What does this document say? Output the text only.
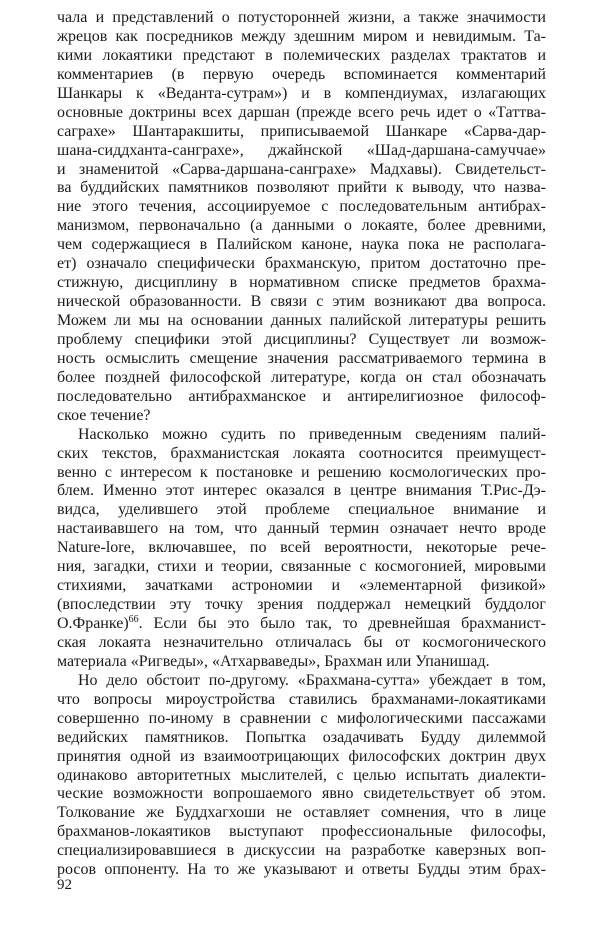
чала и представлений о потусторонней жизни, а также значимости
жрецов как посредников между здешним миром и невидимым. Та-
кими локаятики предстают в полемических разделах трактатов и
комментариев (в первую очередь вспоминается комментарий
Шанкары к «Веданта-сутрам») и в компендиумах, излагающих
основные доктрины всех даршан (прежде всего речь идет о «Таттва-
саграхе» Шантаракшиты, приписываемой Шанкаре «Сарва-дар-
шана-сиддханта-санграхе», джайнской «Шад-даршана-самуччае»
и знаменитой «Сарва-даршана-санграхе» Мадхавы). Свидетельст-
ва буддийских памятников позволяют прийти к выводу, что назва-
ние этого течения, ассоциируемое с последовательным антибрах-
манизмом, первоначально (а данными о локаяте, более древними,
чем содержащиеся в Палийском каноне, наука пока не располага-
ет) означало специфически брахманскую, притом достаточно пре-
стижную, дисциплину в нормативном списке предметов брахма-
нической образованности. В связи с этим возникают два вопроса.
Можем ли мы на основании данных палийской литературы решить
проблему специфики этой дисциплины? Существует ли возмож-
ность осмыслить смещение значения рассматриваемого термина в
более поздней философской литературе, когда он стал обозначать
последовательно антибрахманское и антирелигиозное философ-
ское течение?
Насколько можно судить по приведенным сведениям палий-
ских текстов, брахманистская локаята соотносится преимущест-
венно с интересом к постановке и решению космологических про-
блем. Именно этот интерес оказался в центре внимания Т.Рис-Дэ-
видса, уделившего этой проблеме специальное внимание и
настаивавшего на том, что данный термин означает нечто вроде
Nature-lore, включавшее, по всей вероятности, некоторые рече-
ния, загадки, стихи и теории, связанные с космогонией, мировыми
стихиями, зачатками астрономии и «элементарной физикой»
(впоследствии эту точку зрения поддержал немецкий буддолог
О.Франке)$^{66}$. Если бы это было так, то древнейшая брахманист-
ская локаята незначительно отличалась бы от космогонического
материала «Ригведы», «Атхарваведы», Брахман или Упанишад.
Но дело обстоит по-другому. «Брахмана-сутта» убеждает в том,
что вопросы мироустройства ставились брахманами-локаятиками
совершенно по-иному в сравнении с мифологическими пассажами
ведийских памятников. Попытка озадачивать Будду дилеммой
принятия одной из взаимоотрицающих философских доктрин двух
одинаково авторитетных мыслителей, с целью испытать диалекти-
ческие возможности вопрошаемого явно свидетельствует об этом.
Толкование же Буддхагхоши не оставляет сомнения, что в лице
брахманов-локаятиков выступают профессиональные философы,
специализировавшиеся в дискуссии на разработке каверзных воп-
росов оппоненту. На то же указывают и ответы Будды этим брах-
92
